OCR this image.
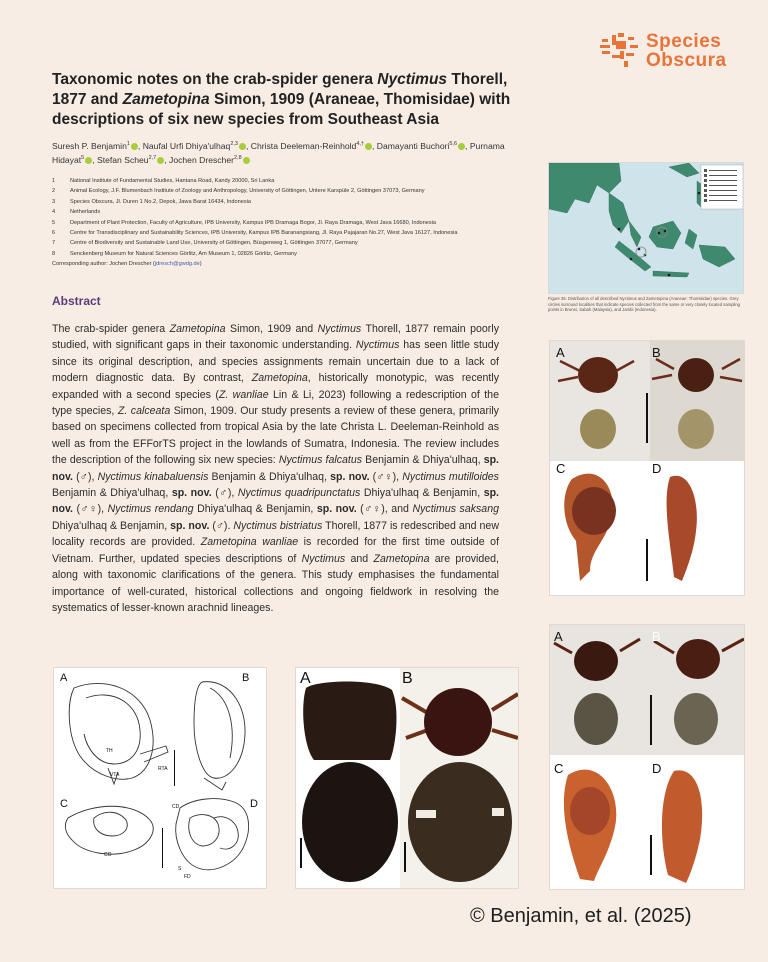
Species
Obscura
Taxonomic notes on the crab-spider genera Nyctimus Thorell, 1877 and Zametopina Simon, 1909 (Araneae, Thomisidae) with descriptions of six new species from Southeast Asia
Suresh P. Benjamin$^1$ , Naufal Urfi Dhiya'ulhaq$^{2,3}$ , Christa Deeleman-Reinhold$^{4,\dagger}$ , Damayanti Buchori$^{5,6}$ , Purnama Hidayat$^5$ , Stefan Scheu$^{2,7}$ , Jochen Drescher$^{2,8}$
1	National Institute of Fundamental Studies, Hantana Road, Kandy 20000, Sri Lanka
2	Animal Ecology, J.F. Blumenbach Institute of Zoology and Anthropology, University of Göttingen, Untere Karspüle 2, Göttingen 37073, Germany
3	Species Obscura, Jl. Duren 1 No.2, Depok, Jawa Barat 16434, Indonesia
4	Netherlands
5	Department of Plant Protection, Faculty of Agriculture, IPB University, Kampus IPB Dramaga Bogor, Jl. Raya Dramaga, West Java 16680, Indonesia
6	Centre for Transdisciplinary and Sustainability Sciences, IPB University, Kampus IPB Baranangsiang, Jl. Raya Pajajaran No.27, West Java 16127, Indonesia
7	Centre of Biodiversity and Sustainable Land Use, University of Göttingen, Büsgenweg 1, Göttingen 37077, Germany
8	Senckenberg Museum for Natural Sciences Görlitz, Am Museum 1, 02826 Görlitz, Germany
Corresponding author: Jochen Drescher ( jdresch@gwdg.de )

Figure 35. Distribution of all described Nyctimus and Zametopina (Araneae: Thomisidae) species. Grey circles surround localities that indicate species collected from the same or very closely located sampling points in Brunei, Sabah (Malaysia), and Jambi (Indonesia).

Abstract

The crab-spider genera Zametopina Simon, 1909 and Nyctimus Thorell, 1877 remain poorly studied, with significant gaps in their taxonomic understanding. Nyctimus has seen little study since its original description, and species assignments remain uncertain due to a lack of modern diagnostic data. By contrast, Zametopina, historically monotypic, was recently expanded with a second species (Z. wanliae Lin & Li, 2023) following a redescription of the type species, Z. calceata Simon, 1909. Our study presents a review of these genera, primarily based on specimens collected from tropical Asia by the late Christa L. Deeleman-Reinhold as well as from the EFForTS project in the lowlands of Sumatra, Indonesia. The review includes the description of the following six new species: Nyctimus falcatus Benjamin & Dhiya'ulhaq, sp. nov. (♂), Nyctimus kinabaluensis Benjamin & Dhiya'ulhaq, sp. nov. (♂♀), Nyctimus mutilloides Benjamin & Dhiya'ulhaq, sp. nov. (♂), Nyctimus quadripunctatus Dhiya'ulhaq & Benjamin, sp. nov. (♂♀), Nyctimus rendang Dhiya'ulhaq & Benjamin, sp. nov. (♂♀), and Nyctimus saksang Dhiya'ulhaq & Benjamin, sp. nov. (♂). Nyctimus bistriatus Thorell, 1877 is redescribed and new locality records are provided. Zametopina wanliae is recorded for the first time outside of Vietnam. Further, updated species descriptions of Nyctimus and Zametopina are provided, along with taxonomic clarifications of the genera. This study emphasises the fundamental importance of well-curated, historical collections and ongoing fieldwork in resolving the systematics of lesser-known arachnid lineages.

A	B
C	D
A	B
C	D
A	B
C	D
TH
VTA
RTA
CD
CO
S
FD
A	B
© Benjamin, et al. (2025)
